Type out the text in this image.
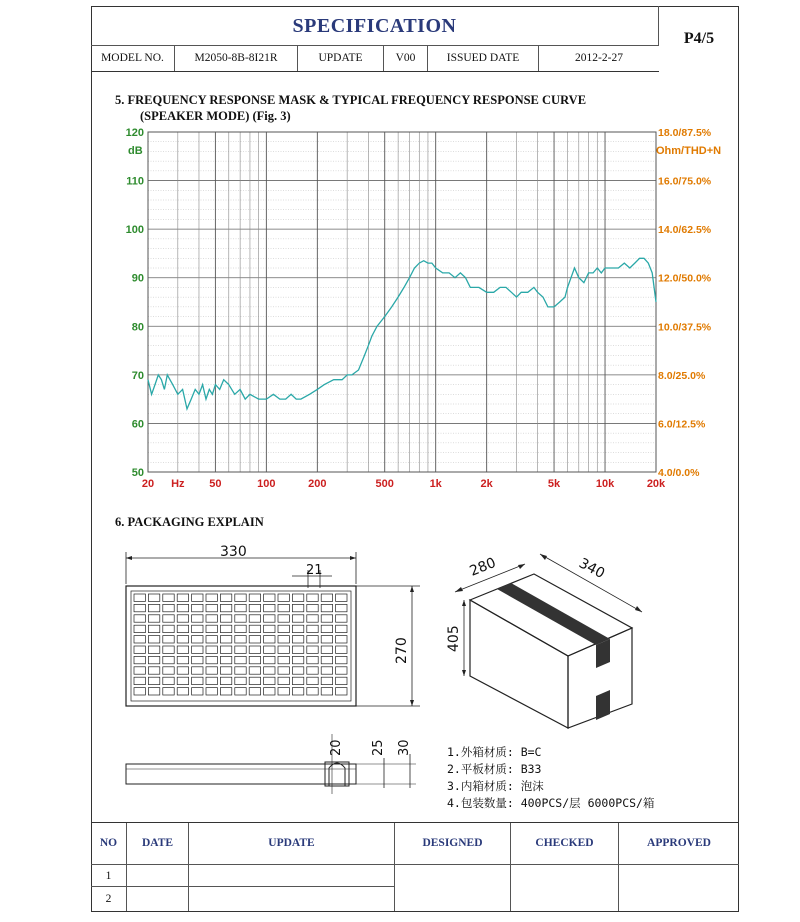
SPECIFICATION
P4/5
MODEL NO.	M2050-8B-8I21R	UPDATE	V00	ISSUED DATE	2012-2-27
5. FREQUENCY RESPONSE MASK & TYPICAL FREQUENCY RESPONSE CURVE
(SPEAKER MODE) (Fig. 3)
50
60
70
80
90
100
110
120
4.0/0.0%
6.0/12.5%
8.0/25.0%
10.0/37.5%
12.0/50.0%
14.0/62.5%
16.0/75.0%
18.0/87.5%
20 Hz 50	100	200	500	1k	2k	5k	10k	20k
dB	Ohm/THD+N
6. PACKAGING EXPLAIN
330
21
270
20 25 30
280	340
405
1.外箱材质: B=C
2.平板材质: B33
3.内箱材质: 泡沫
4.包装数量: 400PCS/层 6000PCS/箱
NO	DATE	UPDATE	DESIGNED	CHECKED	APPROVED
1
2
